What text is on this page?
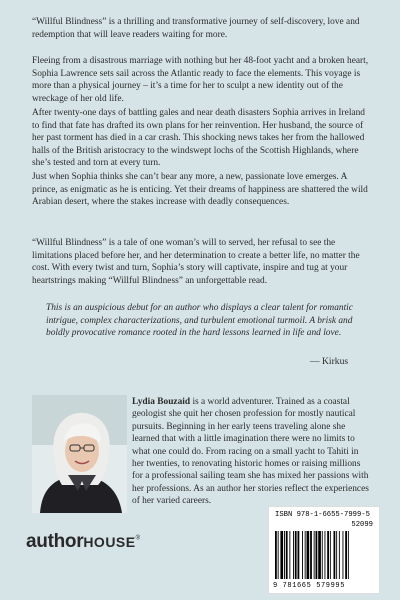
“Willful Blindness” is a thrilling and transformative journey of self-discovery, love and redemption that will leave readers waiting for more.

Fleeing from a disastrous marriage with nothing but her 48-foot yacht and a broken heart, Sophia Lawrence sets sail across the Atlantic ready to face the elements. This voyage is more than a physical journey – it’s a time for her to sculpt a new identity out of the wreckage of her old life.

After twenty-one days of battling gales and near death disasters Sophia arrives in Ireland to find that fate has drafted its own plans for her reinvention. Her husband, the source of her past torment has died in a car crash. This shocking news takes her from the hallowed halls of the British aristocracy to the windswept lochs of the Scottish Highlands, where she’s tested and torn at every turn.

Just when Sophia thinks she can’t bear any more, a new, passionate love emerges. A prince, as enigmatic as he is enticing. Yet their dreams of happiness are shattered the wild Arabian desert, where the stakes increase with deadly consequences.

“Willful Blindness” is a tale of one woman’s will to served, her refusal to see the limitations placed before her, and her determination to create a better life, no matter the cost. With every twist and turn, Sophia’s story will captivate, inspire and tug at your heartstrings making “Willful Blindness” an unforgettable read.

This is an auspicious debut for an author who displays a clear talent for romantic intrigue, complex characterizations, and turbulent emotional turmoil. A brisk and boldly provocative romance rooted in the hard lessons learned in life and love.

— Kirkus

Lydia Bouzaid is a world adventurer. Trained as a coastal geologist she quit her chosen profession for mostly nautical pursuits. Beginning in her early teens traveling alone she learned that with a little imagination there were no limits to what one could do. From racing on a small yacht to Tahiti in her twenties, to renovating historic homes or raising millions for a professional sailing team she has mixed her passions with her professions. As an author her stories reflect the experiences of her varied careers.

authorHOUSE®
ISBN 978-1-6655-7999-5
52099
9 781665 579995
